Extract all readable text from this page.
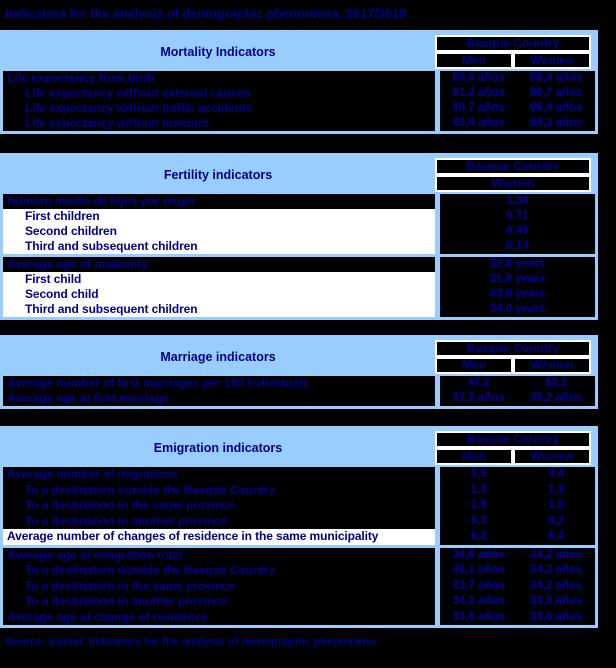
Indicators for the analysis of demographic phenomena. 2017/2018
Mortality Indicators
Basque Country
Men	Women
Life expectancy from birth	80,6 años	86,4 años
Life expectancy without external causes	81,2 años	86,7 años
Life expectancy without traffic accidents	80,7 años	86,4 años
Life expectancy without tumours	85,0 años	89,3 años
Fertility indicators
Basque Country
Women
Número medio de hijos por mujer	1,34
First children	0,71
Second children	0,49
Third and subsequent children	0,14
Average age of maternity	32,8 years
First child	31,9 years
Second child	33,9 years
Third and subsequent children	34,0 years
Marriage indicators
Basque Country
Men	Women
Average number of first marriages per 100 individuals	47,2	52,2
Average age at first marriage	37,2 años	35,2 años
Emigration indicators
Basque Country
Men	Women
Average number of migrations	3,5	3,4
To a destination outside the Basque Country	1,3	1,3
To a destination in the same province	1,9	1,9
To a destination in another province	0,3	0,2
Average number of changes of residence in the same municipality	6,2	6,4
Average age at emigration total	34,6 años	34,2 años
To a destination outside the Basque Country	36,1 años	34,3 años
To a destination in the same province	33,7 años	34,2 años
To a destination in another province	34,2 años	33,9 años
Average age at change of residence	33,6 años	33,6 años
Source: Eustat. Indicators for the analysis of demographic phenomena
